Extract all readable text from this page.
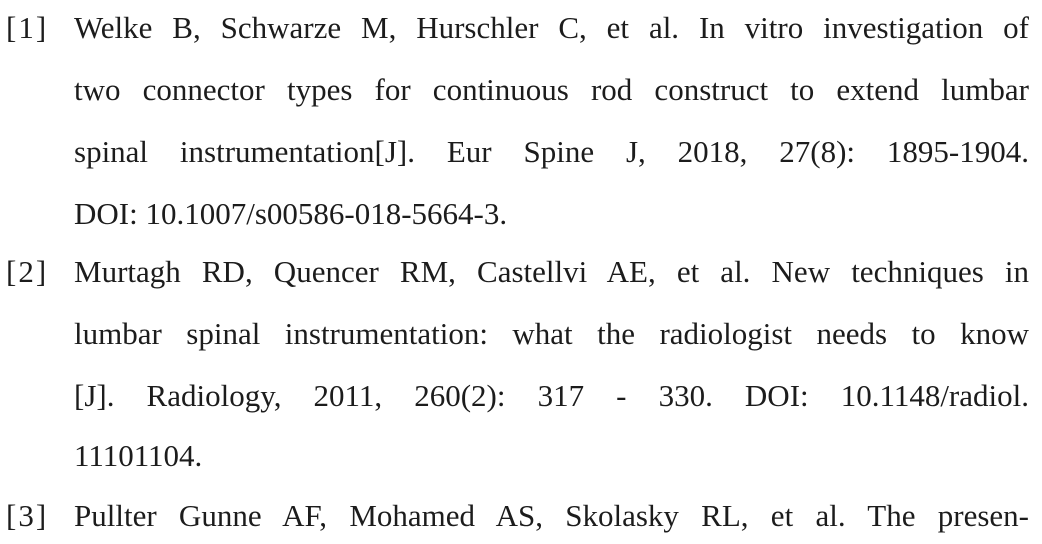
[1] Welke B, Schwarze M, Hurschler C, et al. In vitro investigation of
two connector types for continuous rod construct to extend lumbar
spinal instrumentation[J]. Eur Spine J, 2018, 27(8): 1895-1904.
DOI: 10.1007/s00586-018-5664-3.
[2] Murtagh RD, Quencer RM, Castellvi AE, et al. New techniques in
lumbar spinal instrumentation: what the radiologist needs to know
[J]. Radiology, 2011, 260(2): 317 - 330. DOI: 10.1148/radiol.
11101104.
[3] Pullter Gunne AF, Mohamed AS, Skolasky RL, et al. The presen-
